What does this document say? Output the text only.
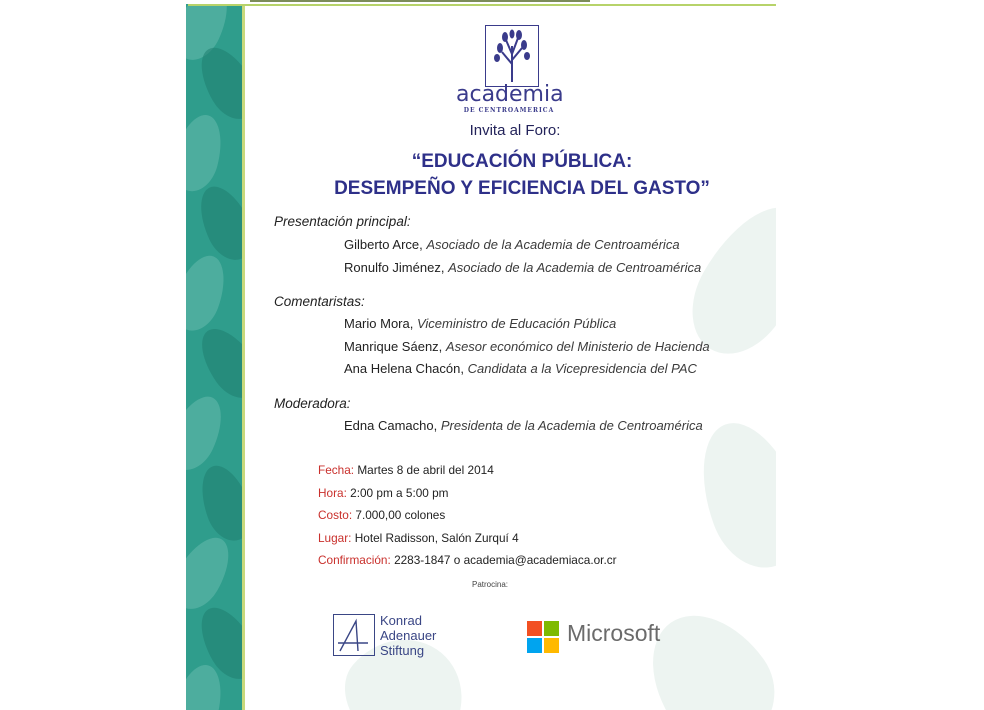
academia
DE CENTROAMERICA
Invita al Foro:
“EDUCACIÓN PÚBLICA:
DESEMPEÑO Y EFICIENCIA DEL GASTO”
Presentación principal:
Gilberto Arce, Asociado de la Academia de Centroamérica
Ronulfo Jiménez, Asociado de la Academia de Centroamérica
Comentaristas:
Mario Mora, Viceministro de Educación Pública
Manrique Sáenz, Asesor económico del Ministerio de Hacienda
Ana Helena Chacón, Candidata a la Vicepresidencia del PAC
Moderadora:
Edna Camacho, Presidenta de la Academia de Centroamérica
Fecha: Martes 8 de abril del 2014
Hora: 2:00 pm a 5:00 pm
Costo: 7.000,00 colones
Lugar: Hotel Radisson, Salón Zurquí 4
Confirmación: 2283-1847 o academia@academiaca.or.cr
Patrocina:
Konrad
Adenauer
Stiftung
Microsoft
